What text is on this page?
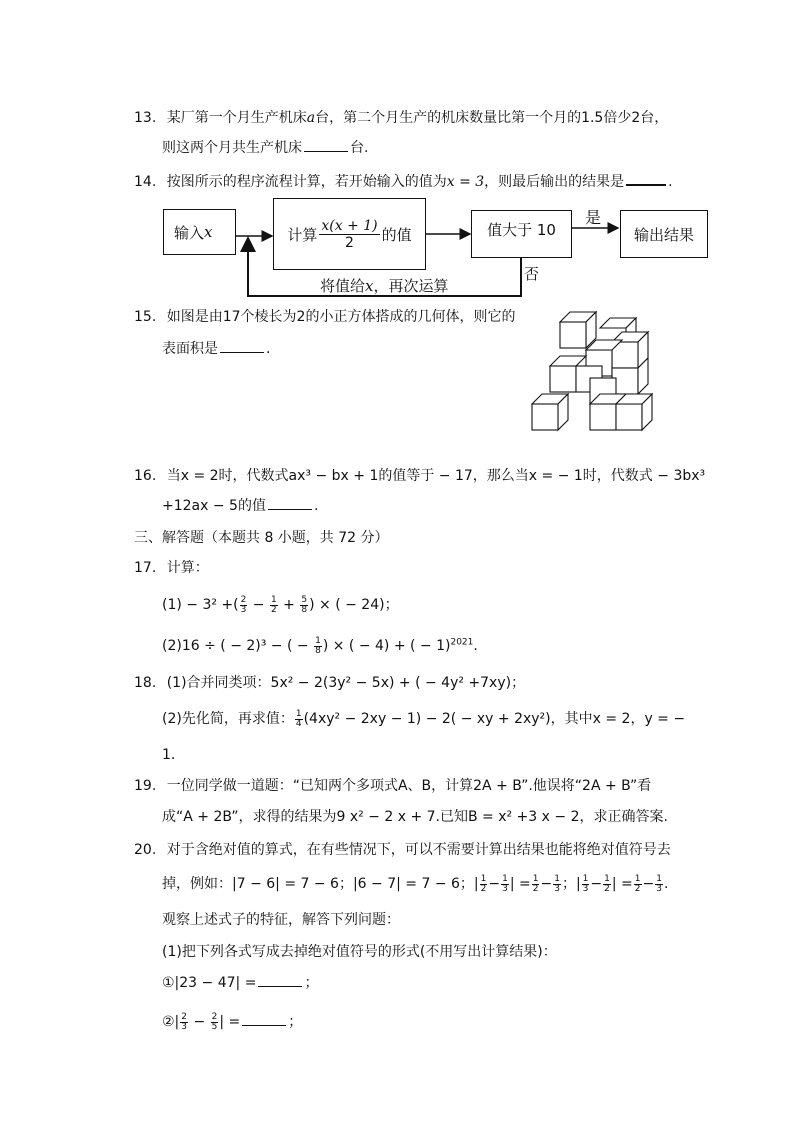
13. 某厂第一个月生产机床a台，第二个月生产的机床数量比第一个月的1.5倍少2台，
则这两个月共生产机床	台.
14. 按图所示的程序流程计算，若开始输入的值为x = 3，则最后输出的结果是	.
输入 x	计算 x(x + 1)
2 的值	值大于 10
是
否
输出结果
将值给x，再次运算
15. 如图是由17个棱长为2的小正方体搭成的几何体，则它的
表面积是	.
16. 当x = 2时，代数式ax³ − bx + 1的值等于 − 17，那么当x = − 1时，代数式 − 3bx³
+12ax − 5的值	.
三、解答题（本题共 8 小题，共 72 分）
17. 计算：
(1) − 3² +( $\frac{2}{3} - \frac{1}{2} + \frac{5}{8}$ ) × ( − 24)；
(2)16 ÷ ( − 2)³ − ( − $\frac{1}{8}$ ) × ( − 4) + ( − 1)$^{2021}$.
18. (1)合并同类项：5x² − 2(3y² − 5x) + ( − 4y² +7xy)；
(2)先化简，再求值： $\frac{1}{4} (4xy^2 - 2xy - 1) - 2$( − xy + 2xy²)，其中x = 2，y = −
1.
19. 一位同学做一道题：“已知两个多项式A、B，计算2A + B”.他误将“2A + B”看
成“A + 2B”，求得的结果为9 x² − 2 x + 7.已知B = x² +3 x − 2，求正确答案.
20. 对于含绝对值的算式，在有些情况下，可以不需要计算出结果也能将绝对值符号去
掉，例如：|7 − 6| = 7 − 6；|6 − 7| = 7 − 6；| $\frac{1}{2} - \frac{1}{3}$ | = $\frac{1}{2} - \frac{1}{3}$ ；| $\frac{1}{3} - \frac{1}{2}$ | = $\frac{1}{2} - \frac{1}{3}$ .
观察上述式子的特征，解答下列问题：
(1)把下列各式写成去掉绝对值符号的形式(不用写出计算结果)：
①|23 − 47| =	；
②| $\frac{2}{3} - \frac{2}{5}$ | =	；
